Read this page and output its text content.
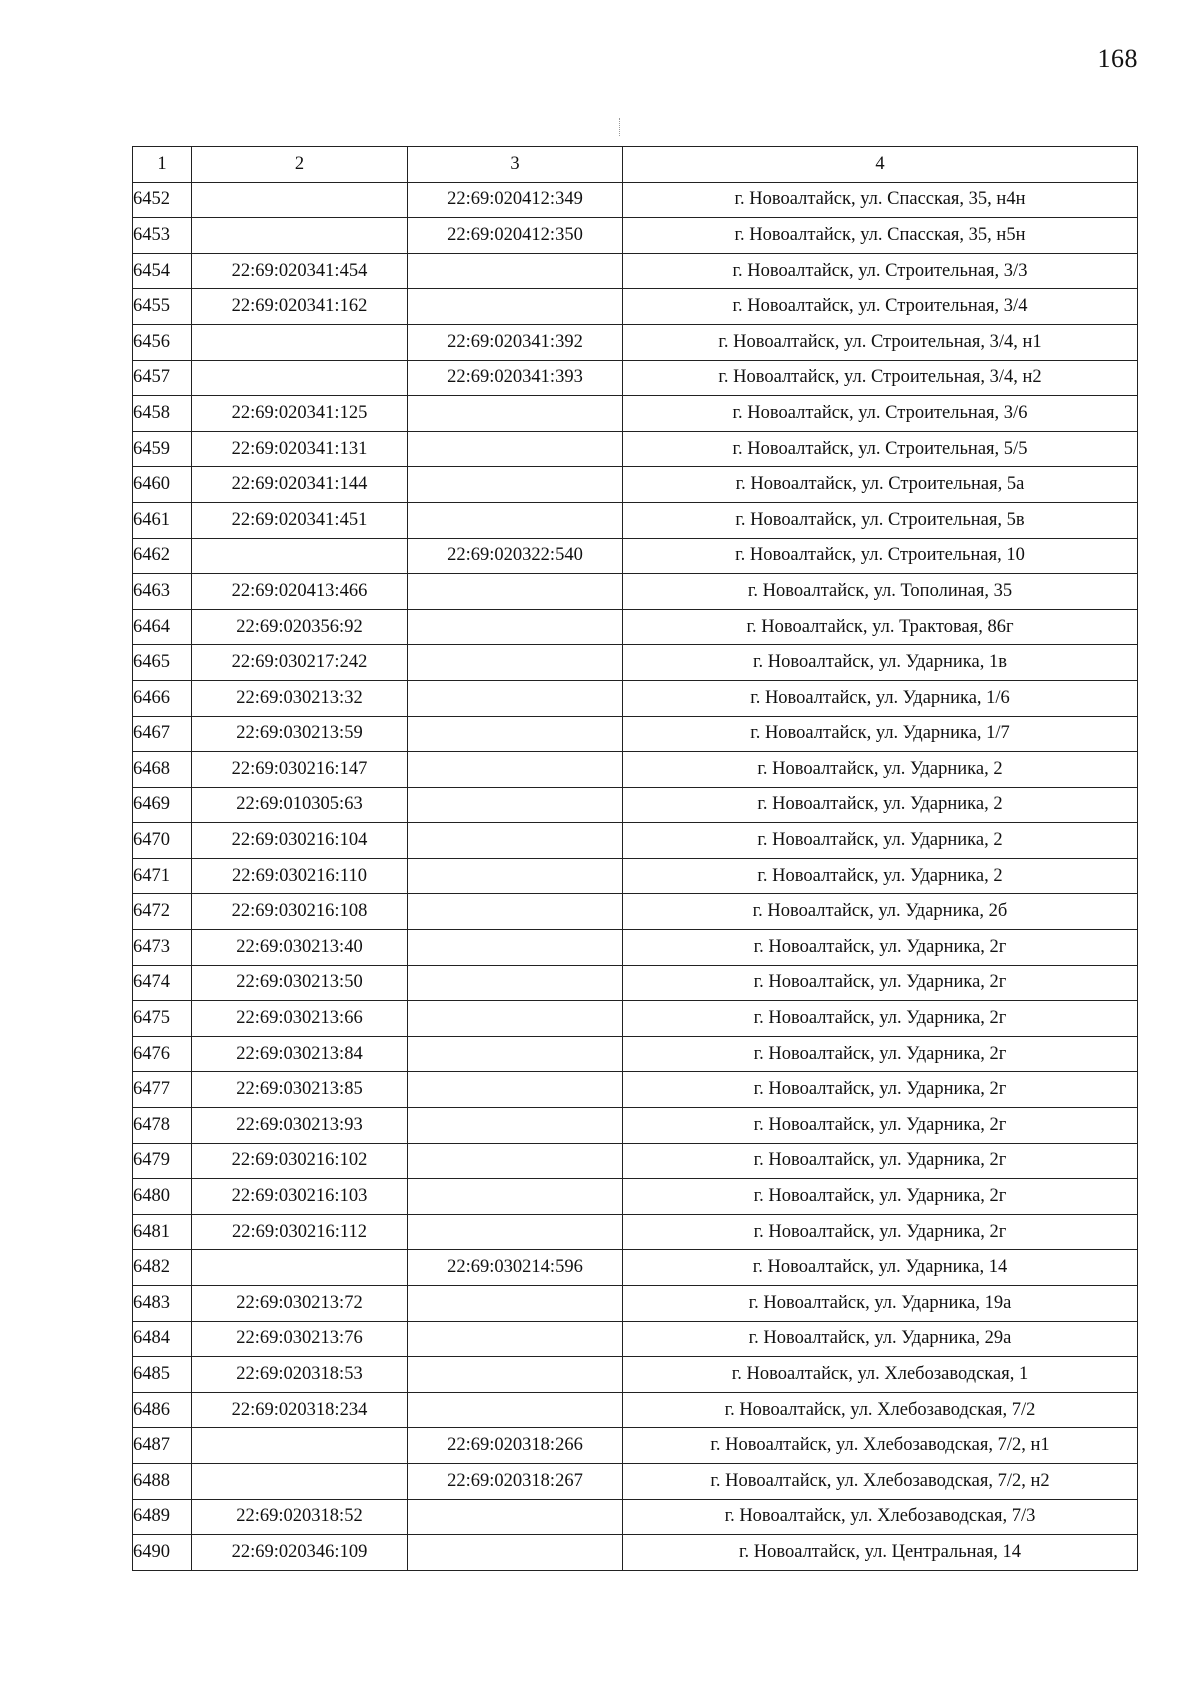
168
1	2	3	4
6452		22:69:020412:349	г. Новоалтайск, ул. Спасская, 35, н4н
6453		22:69:020412:350	г. Новоалтайск, ул. Спасская, 35, н5н
6454	22:69:020341:454		г. Новоалтайск, ул. Строительная, 3/3
6455	22:69:020341:162		г. Новоалтайск, ул. Строительная, 3/4
6456		22:69:020341:392	г. Новоалтайск, ул. Строительная, 3/4, н1
6457		22:69:020341:393	г. Новоалтайск, ул. Строительная, 3/4, н2
6458	22:69:020341:125		г. Новоалтайск, ул. Строительная, 3/6
6459	22:69:020341:131		г. Новоалтайск, ул. Строительная, 5/5
6460	22:69:020341:144		г. Новоалтайск, ул. Строительная, 5а
6461	22:69:020341:451		г. Новоалтайск, ул. Строительная, 5в
6462		22:69:020322:540	г. Новоалтайск, ул. Строительная, 10
6463	22:69:020413:466		г. Новоалтайск, ул. Тополиная, 35
6464	22:69:020356:92		г. Новоалтайск, ул. Трактовая, 86г
6465	22:69:030217:242		г. Новоалтайск, ул. Ударника, 1в
6466	22:69:030213:32		г. Новоалтайск, ул. Ударника, 1/6
6467	22:69:030213:59		г. Новоалтайск, ул. Ударника, 1/7
6468	22:69:030216:147		г. Новоалтайск, ул. Ударника, 2
6469	22:69:010305:63		г. Новоалтайск, ул. Ударника, 2
6470	22:69:030216:104		г. Новоалтайск, ул. Ударника, 2
6471	22:69:030216:110		г. Новоалтайск, ул. Ударника, 2
6472	22:69:030216:108		г. Новоалтайск, ул. Ударника, 2б
6473	22:69:030213:40		г. Новоалтайск, ул. Ударника, 2г
6474	22:69:030213:50		г. Новоалтайск, ул. Ударника, 2г
6475	22:69:030213:66		г. Новоалтайск, ул. Ударника, 2г
6476	22:69:030213:84		г. Новоалтайск, ул. Ударника, 2г
6477	22:69:030213:85		г. Новоалтайск, ул. Ударника, 2г
6478	22:69:030213:93		г. Новоалтайск, ул. Ударника, 2г
6479	22:69:030216:102		г. Новоалтайск, ул. Ударника, 2г
6480	22:69:030216:103		г. Новоалтайск, ул. Ударника, 2г
6481	22:69:030216:112		г. Новоалтайск, ул. Ударника, 2г
6482		22:69:030214:596	г. Новоалтайск, ул. Ударника, 14
6483	22:69:030213:72		г. Новоалтайск, ул. Ударника, 19а
6484	22:69:030213:76		г. Новоалтайск, ул. Ударника, 29а
6485	22:69:020318:53		г. Новоалтайск, ул. Хлебозаводская, 1
6486	22:69:020318:234		г. Новоалтайск, ул. Хлебозаводская, 7/2
6487		22:69:020318:266	г. Новоалтайск, ул. Хлебозаводская, 7/2, н1
6488		22:69:020318:267	г. Новоалтайск, ул. Хлебозаводская, 7/2, н2
6489	22:69:020318:52		г. Новоалтайск, ул. Хлебозаводская, 7/3
6490	22:69:020346:109		г. Новоалтайск, ул. Центральная, 14
